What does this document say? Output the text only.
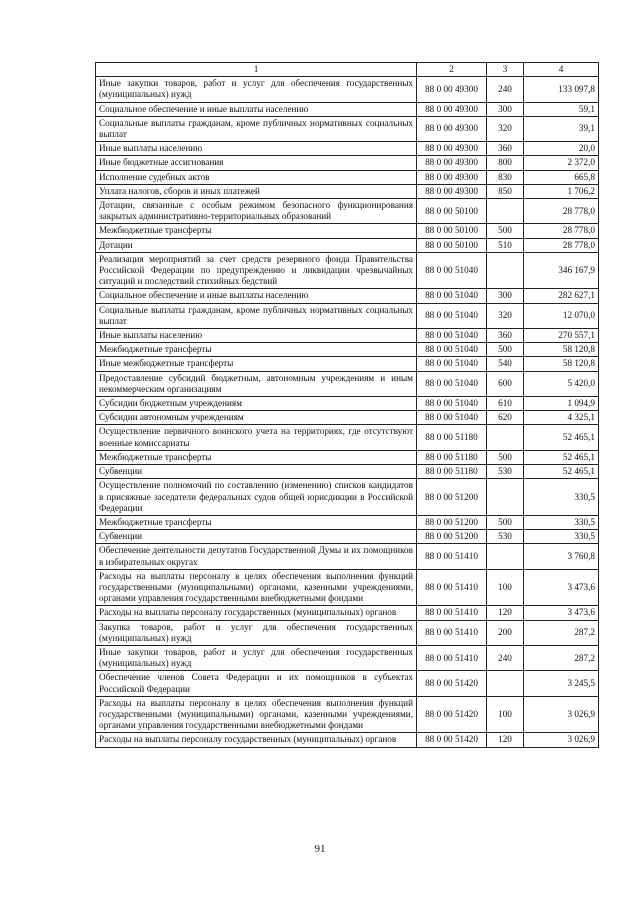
1	2	3	4
Иные закупки товаров, работ и услуг для обеспечения государственных (муниципальных) нужд	88 0 00 49300	240	133 097,8
Социальное обеспечение и иные выплаты населению	88 0 00 49300	300	59,1
Социальные выплаты гражданам, кроме публичных нормативных социальных выплат	88 0 00 49300	320	39,1
Иные выплаты населению	88 0 00 49300	360	20,0
Иные бюджетные ассигнования	88 0 00 49300	800	2 372,0
Исполнение судебных актов	88 0 00 49300	830	665,8
Уплата налогов, сборов и иных платежей	88 0 00 49300	850	1 706,2
Дотации, связанные с особым режимом безопасного функционирования закрытых административно-территориальных образований	88 0 00 50100		28 778,0
Межбюджетные трансферты	88 0 00 50100	500	28 778,0
Дотации	88 0 00 50100	510	28 778,0
Реализация мероприятий за счет средств резервного фонда Правительства Российской Федерации по предупреждению и ликвидации чрезвычайных ситуаций и последствий стихийных бедствий	88 0 00 51040		346 167,9
Социальное обеспечение и иные выплаты населению	88 0 00 51040	300	282 627,1
Социальные выплаты гражданам, кроме публичных нормативных социальных выплат	88 0 00 51040	320	12 070,0
Иные выплаты населению	88 0 00 51040	360	270 557,1
Межбюджетные трансферты	88 0 00 51040	500	58 120,8
Иные межбюджетные трансферты	88 0 00 51040	540	58 120,8
Предоставление субсидий бюджетным, автономным учреждениям и иным некоммерческим организациям	88 0 00 51040	600	5 420,0
Субсидии бюджетным учреждениям	88 0 00 51040	610	1 094,9
Субсидии автономным учреждениям	88 0 00 51040	620	4 325,1
Осуществление первичного воинского учета на территориях, где отсутствуют военные комиссариаты	88 0 00 51180		52 465,1
Межбюджетные трансферты	88 0 00 51180	500	52 465,1
Субвенции	88 0 00 51180	530	52 465,1
Осуществление полномочий по составлению (изменению) списков кандидатов в присяжные заседатели федеральных судов общей юрисдикции в Российской Федерации	88 0 00 51200		330,5
Межбюджетные трансферты	88 0 00 51200	500	330,5
Субвенции	88 0 00 51200	530	330,5
Обеспечение деятельности депутатов Государственной Думы и их помощников в избирательных округах	88 0 00 51410		3 760,8
Расходы на выплаты персоналу в целях обеспечения выполнения функций государственными (муниципальными) органами, казенными учреждениями, органами управления государственными внебюджетными фондами	88 0 00 51410	100	3 473,6
Расходы на выплаты персоналу государственных (муниципальных) органов	88 0 00 51410	120	3 473,6
Закупка товаров, работ и услуг для обеспечения государственных (муниципальных) нужд	88 0 00 51410	200	287,2
Иные закупки товаров, работ и услуг для обеспечения государственных (муниципальных) нужд	88 0 00 51410	240	287,2
Обеспечение членов Совета Федерации и их помощников в субъектах Российской Федерации	88 0 00 51420		3 245,5
Расходы на выплаты персоналу в целях обеспечения выполнения функций государственными (муниципальными) органами, казенными учреждениями, органами управления государственными внебюджетными фондами	88 0 00 51420	100	3 026,9
Расходы на выплаты персоналу государственных (муниципальных) органов	88 0 00 51420	120	3 026,9
91
